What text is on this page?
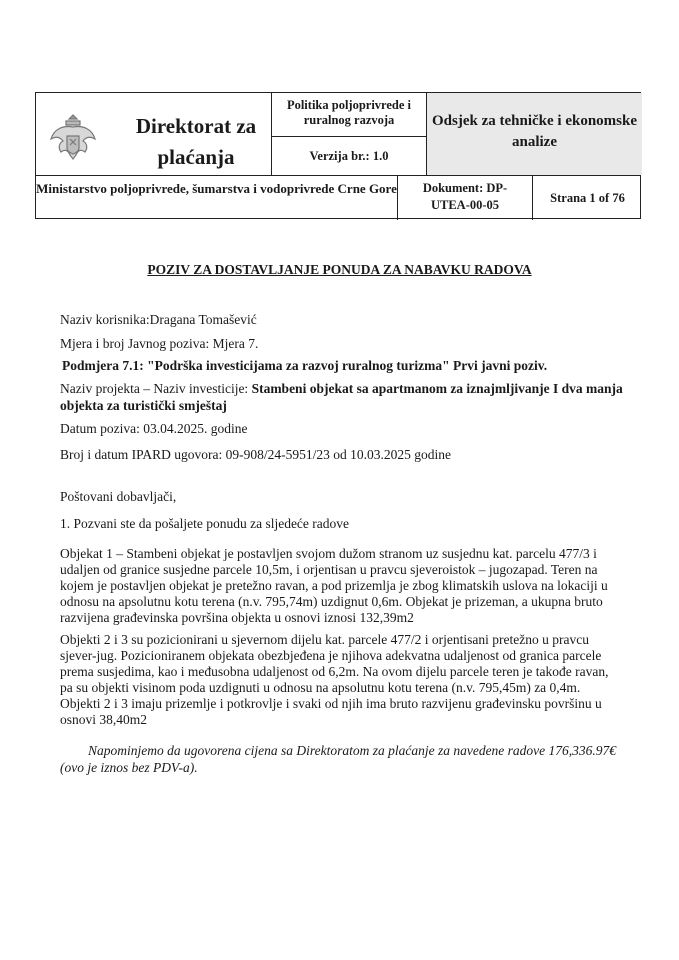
Direktorat za plaćanja
Politika poljoprivrede i ruralnog razvoja
Verzija br.: 1.0
Odsjek za tehničke i ekonomske analize
Ministarstvo poljoprivrede, šumarstva i vodoprivrede Crne Gore	Dokument: DP-UTEA-00-05	Strana 1 of 76
POZIV ZA DOSTAVLJANJE PONUDA ZA NABAVKU RADOVA
Naziv korisnika:Dragana Tomašević
Mjera i broj Javnog poziva: Mjera 7.
Podmjera 7.1: "Podrška investicijama za razvoj ruralnog turizma" Prvi javni poziv.
Naziv projekta – Naziv investicije: Stambeni objekat sa apartmanom za iznajmljivanje I dva manja objekta za turistički smještaj
Datum poziva: 03.04.2025. godine
Broj i datum IPARD ugovora: 09-908/24-5951/23 od 10.03.2025 godine
Poštovani dobavljači,
1. Pozvani ste da pošaljete ponudu za sljedeće radove
Objekat 1 – Stambeni objekat je postavljen svojom dužom stranom uz susjednu kat. parcelu 477/3 i udaljen od granice susjedne parcele 10,5m, i orjentisan u pravcu sjeveroistok – jugozapad. Teren na kojem je postavljen objekat je pretežno ravan, a pod prizemlja je zbog klimatskih uslova na lokaciji u odnosu na apsolutnu kotu terena (n.v. 795,74m) uzdignut 0,6m. Objekat je prizeman, a ukupna bruto razvijena građevinska površina objekta u osnovi iznosi 132,39m2
Objekti 2 i 3 su pozicionirani u sjevernom dijelu kat. parcele 477/2 i orjentisani pretežno u pravcu sjever-jug. Pozicioniranem objekata obezbjeđena je njihova adekvatna udaljenost od granica parcele prema susjedima, kao i međusobna udaljenost od 6,2m. Na ovom dijelu parcele teren je takođe ravan, pa su objekti visinom poda uzdignuti u odnosu na apsolutnu kotu terena (n.v. 795,45m) za 0,4m. Objekti 2 i 3 imaju prizemlje i potkrovlje i svaki od njih ima bruto razvijenu građevinsku površinu u osnovi 38,40m2
Napominjemo da ugovorena cijena sa Direktoratom za plaćanje za navedene radove 176,336.97€ (ovo je iznos bez PDV-a).
